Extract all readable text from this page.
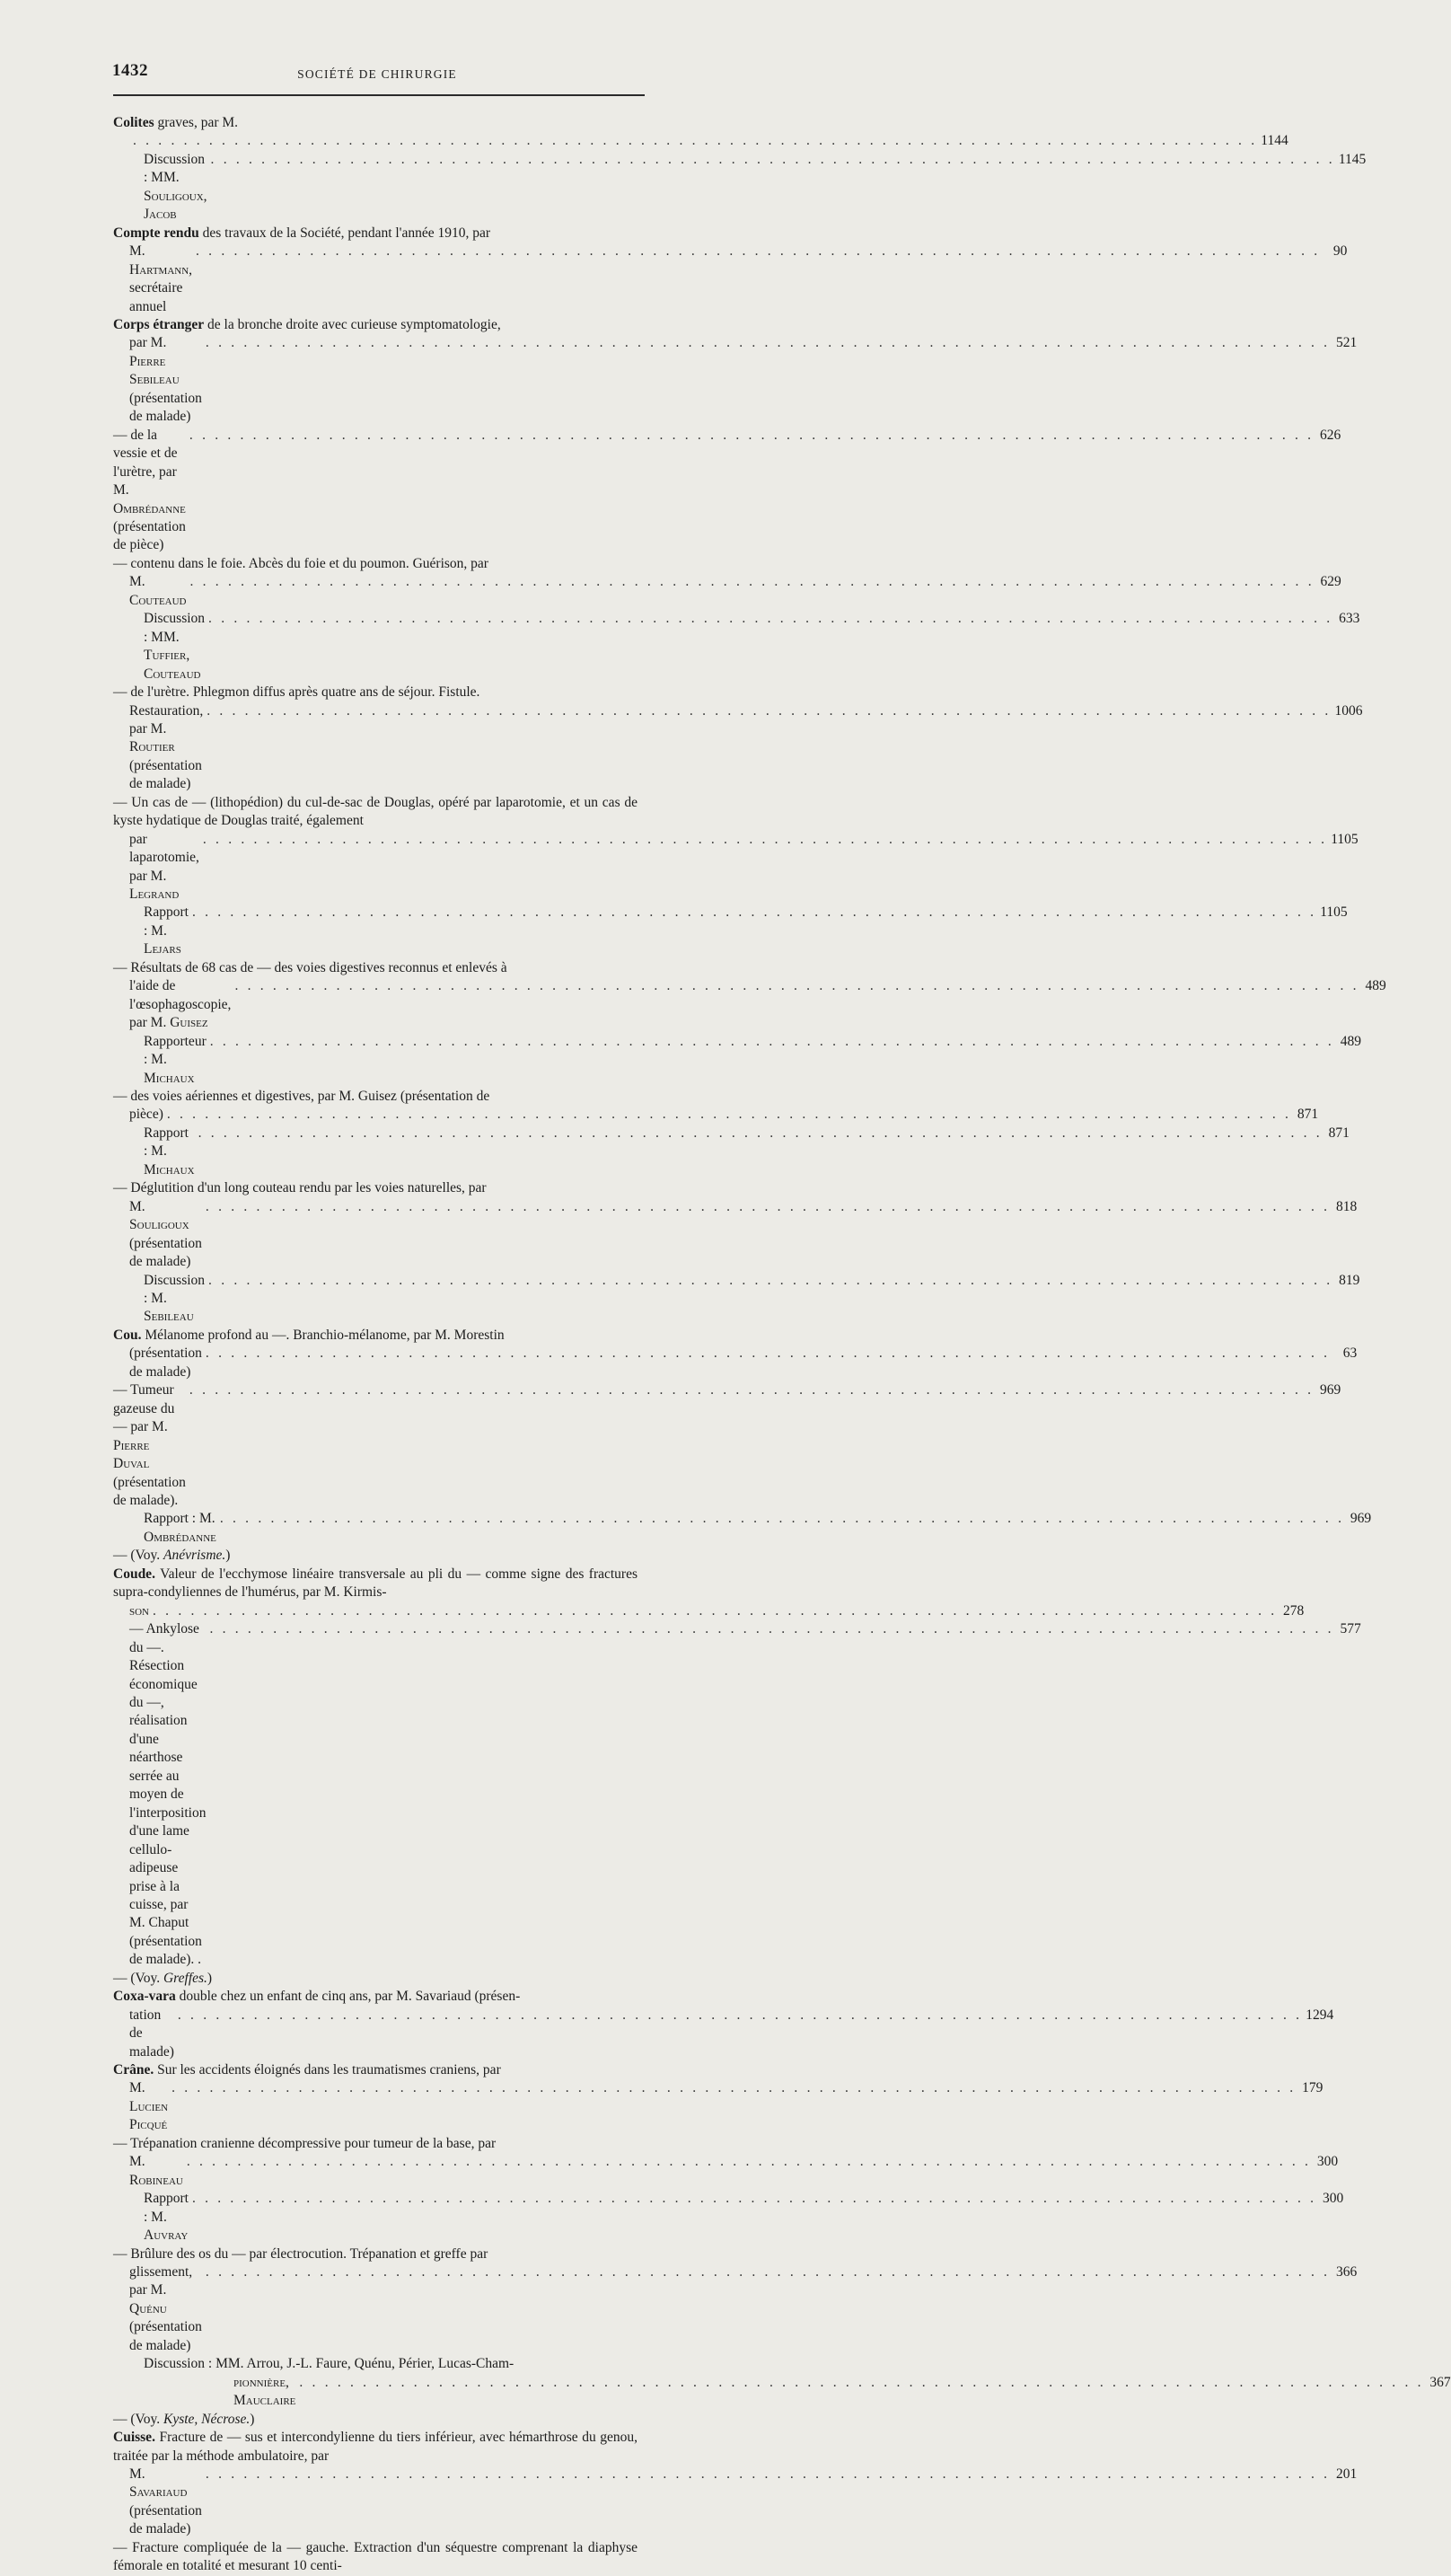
1432	SOCIÉTÉ DE CHIRURGIE
Colites graves, par M.
. . . . . . . . . . . . . . . . . . . . . . . . . . . . . . . . . . . . . . . . . . . . . . . . . . . . . . . . . . . . . . . . . . . . . . . . . . . . . . . . . . . . . . . . . 1144
Discussion : MM. Souligoux, Jacob
. . . . . . . . . . . . . . . . . . . . . . . . . . . . . . . . . . . . . . . . . . . . . . . . . . . . . . . . . . . . . . . . . . . . . . . . . . . . . . . . . . . . . . . . . 1145
Compte rendu des travaux de la Société, pendant l'année 1910, par
M. Hartmann, secrétaire annuel
. . . . . . . . . . . . . . . . . . . . . . . . . . . . . . . . . . . . . . . . . . . . . . . . . . . . . . . . . . . . . . . . . . . . . . . . . . . . . . . . . . . . . . . . . 90
Corps étranger de la bronche droite avec curieuse symptomatologie,
par M. Pierre Sebileau (présentation de malade)
. . . . . . . . . . . . . . . . . . . . . . . . . . . . . . . . . . . . . . . . . . . . . . . . . . . . . . . . . . . . . . . . . . . . . . . . . . . . . . . . . . . . . . . . . 521
— de la vessie et de l'urètre, par M. Ombrédanne (présentation de pièce)
. . . . . . . . . . . . . . . . . . . . . . . . . . . . . . . . . . . . . . . . . . . . . . . . . . . . . . . . . . . . . . . . . . . . . . . . . . . . . . . . . . . . . . . . . 626
— contenu dans le foie. Abcès du foie et du poumon. Guérison, par
M. Couteaud
. . . . . . . . . . . . . . . . . . . . . . . . . . . . . . . . . . . . . . . . . . . . . . . . . . . . . . . . . . . . . . . . . . . . . . . . . . . . . . . . . . . . . . . . . 629
Discussion : MM. Tuffier, Couteaud
. . . . . . . . . . . . . . . . . . . . . . . . . . . . . . . . . . . . . . . . . . . . . . . . . . . . . . . . . . . . . . . . . . . . . . . . . . . . . . . . . . . . . . . . . 633
— de l'urètre. Phlegmon diffus après quatre ans de séjour. Fistule.
Restauration, par M. Routier (présentation de malade)
. . . . . . . . . . . . . . . . . . . . . . . . . . . . . . . . . . . . . . . . . . . . . . . . . . . . . . . . . . . . . . . . . . . . . . . . . . . . . . . . . . . . . . . . . 1006
— Un cas de — (lithopédion) du cul-de-sac de Douglas, opéré par laparotomie, et un cas de kyste hydatique de Douglas traité, également
par laparotomie, par M. Legrand
. . . . . . . . . . . . . . . . . . . . . . . . . . . . . . . . . . . . . . . . . . . . . . . . . . . . . . . . . . . . . . . . . . . . . . . . . . . . . . . . . . . . . . . . . 1105
Rapport : M. Lejars
. . . . . . . . . . . . . . . . . . . . . . . . . . . . . . . . . . . . . . . . . . . . . . . . . . . . . . . . . . . . . . . . . . . . . . . . . . . . . . . . . . . . . . . . . 1105
— Résultats de 68 cas de — des voies digestives reconnus et enlevés à
l'aide de l'œsophagoscopie, par M. Guisez
. . . . . . . . . . . . . . . . . . . . . . . . . . . . . . . . . . . . . . . . . . . . . . . . . . . . . . . . . . . . . . . . . . . . . . . . . . . . . . . . . . . . . . . . . 489
Rapporteur : M. Michaux
. . . . . . . . . . . . . . . . . . . . . . . . . . . . . . . . . . . . . . . . . . . . . . . . . . . . . . . . . . . . . . . . . . . . . . . . . . . . . . . . . . . . . . . . . 489
— des voies aériennes et digestives, par M. Guisez (présentation de
pièce) . . . . . . . . . . . . . . . . . . . . . . . . . . . . . . . . . . . . . . . . . . . . . . . . . . . . . . . . . . . . . . . . . . . . . . . . . . . . . . . . . . . . . . . . . 871
Rapport : M. Michaux
. . . . . . . . . . . . . . . . . . . . . . . . . . . . . . . . . . . . . . . . . . . . . . . . . . . . . . . . . . . . . . . . . . . . . . . . . . . . . . . . . . . . . . . . . 871
— Déglutition d'un long couteau rendu par les voies naturelles, par
M. Souligoux (présentation de malade)
. . . . . . . . . . . . . . . . . . . . . . . . . . . . . . . . . . . . . . . . . . . . . . . . . . . . . . . . . . . . . . . . . . . . . . . . . . . . . . . . . . . . . . . . . 818
Discussion : M. Sebileau
. . . . . . . . . . . . . . . . . . . . . . . . . . . . . . . . . . . . . . . . . . . . . . . . . . . . . . . . . . . . . . . . . . . . . . . . . . . . . . . . . . . . . . . . . 819
Cou. Mélanome profond au —. Branchio-mélanome, par M. Morestin
(présentation de malade)
. . . . . . . . . . . . . . . . . . . . . . . . . . . . . . . . . . . . . . . . . . . . . . . . . . . . . . . . . . . . . . . . . . . . . . . . . . . . . . . . . . . . . . . . . 63
— Tumeur gazeuse du — par M. Pierre Duval (présentation de malade).
. . . . . . . . . . . . . . . . . . . . . . . . . . . . . . . . . . . . . . . . . . . . . . . . . . . . . . . . . . . . . . . . . . . . . . . . . . . . . . . . . . . . . . . . . 969
Rapport : M. Ombrédanne
. . . . . . . . . . . . . . . . . . . . . . . . . . . . . . . . . . . . . . . . . . . . . . . . . . . . . . . . . . . . . . . . . . . . . . . . . . . . . . . . . . . . . . . . . 969
— (Voy. Anévrisme.)
Coude. Valeur de l'ecchymose linéaire transversale au pli du — comme signe des fractures supra-condyliennes de l'humérus, par M. Kirmis-
son . . . . . . . . . . . . . . . . . . . . . . . . . . . . . . . . . . . . . . . . . . . . . . . . . . . . . . . . . . . . . . . . . . . . . . . . . . . . . . . . . . . . . . . . . 278
— Ankylose du —. Résection économique du —, réalisation d'une néarthose serrée au moyen de l'interposition d'une lame cellulo-adipeuse prise à la cuisse, par M. Chaput (présentation de malade). .
. . . . . . . . . . . . . . . . . . . . . . . . . . . . . . . . . . . . . . . . . . . . . . . . . . . . . . . . . . . . . . . . . . . . . . . . . . . . . . . . . . . . . . . . . 577
— (Voy. Greffes.)
Coxa-vara double chez un enfant de cinq ans, par M. Savariaud (présen-
tation de malade)
. . . . . . . . . . . . . . . . . . . . . . . . . . . . . . . . . . . . . . . . . . . . . . . . . . . . . . . . . . . . . . . . . . . . . . . . . . . . . . . . . . . . . . . . . 1294
Crâne. Sur les accidents éloignés dans les traumatismes craniens, par
M. Lucien Picqué
. . . . . . . . . . . . . . . . . . . . . . . . . . . . . . . . . . . . . . . . . . . . . . . . . . . . . . . . . . . . . . . . . . . . . . . . . . . . . . . . . . . . . . . . . 179
— Trépanation cranienne décompressive pour tumeur de la base, par
M. Robineau
. . . . . . . . . . . . . . . . . . . . . . . . . . . . . . . . . . . . . . . . . . . . . . . . . . . . . . . . . . . . . . . . . . . . . . . . . . . . . . . . . . . . . . . . . 300
Rapport : M. Auvray
. . . . . . . . . . . . . . . . . . . . . . . . . . . . . . . . . . . . . . . . . . . . . . . . . . . . . . . . . . . . . . . . . . . . . . . . . . . . . . . . . . . . . . . . . 300
— Brûlure des os du — par électrocution. Trépanation et greffe par
glissement, par M. Quénu (présentation de malade)
. . . . . . . . . . . . . . . . . . . . . . . . . . . . . . . . . . . . . . . . . . . . . . . . . . . . . . . . . . . . . . . . . . . . . . . . . . . . . . . . . . . . . . . . . 366
Discussion : MM. Arrou, J.-L. Faure, Quénu, Périer, Lucas-Cham-
pionnière, Mauclaire
. . . . . . . . . . . . . . . . . . . . . . . . . . . . . . . . . . . . . . . . . . . . . . . . . . . . . . . . . . . . . . . . . . . . . . . . . . . . . . . . . . . . . . . . . 367
— (Voy. Kyste, Nécrose.)
Cuisse. Fracture de — sus et intercondylienne du tiers inférieur, avec hémarthrose du genou, traitée par la méthode ambulatoire, par
M. Savariaud (présentation de malade)
. . . . . . . . . . . . . . . . . . . . . . . . . . . . . . . . . . . . . . . . . . . . . . . . . . . . . . . . . . . . . . . . . . . . . . . . . . . . . . . . . . . . . . . . . 201
— Fracture compliquée de la — gauche. Extraction d'un séquestre comprenant la diaphyse fémorale en totalité et mesurant 10 centi-
